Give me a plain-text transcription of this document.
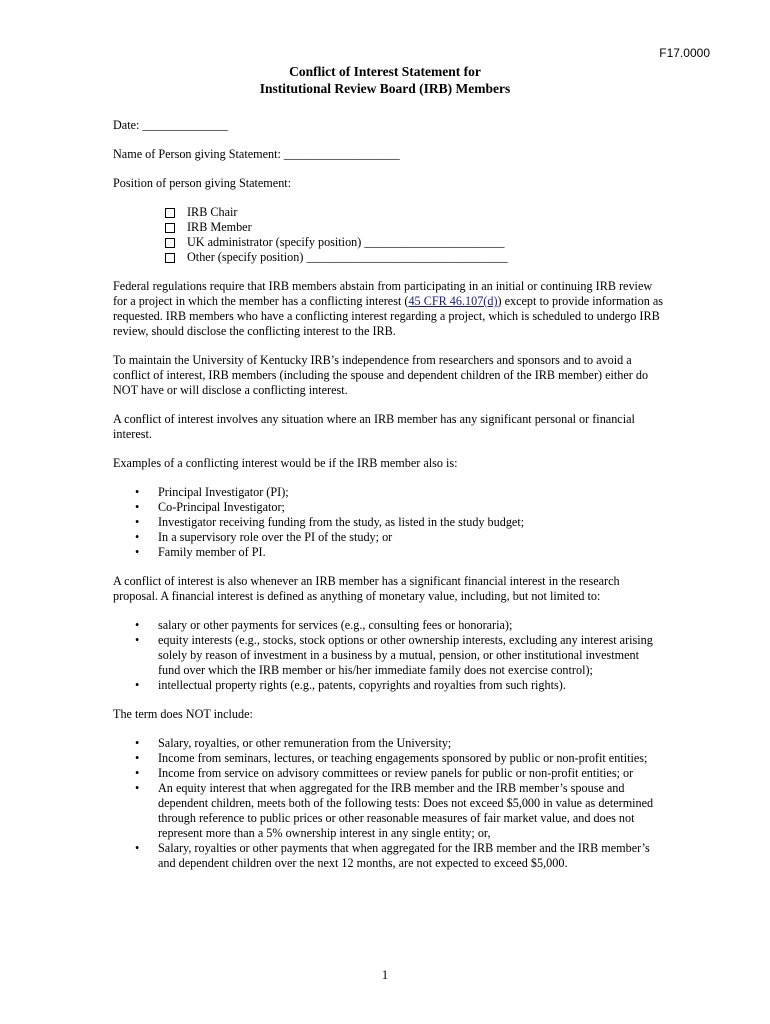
F17.0000
Conflict of Interest Statement for
Institutional Review Board (IRB) Members

Date: ______________

Name of Person giving Statement: ___________________

Position of person giving Statement:

IRB Chair
IRB Member
UK administrator (specify position) _______________________
Other (specify position) _________________________________

Federal regulations require that IRB members abstain from participating in an initial or continuing IRB review for a project in which the member has a conflicting interest (45 CFR 46.107(d)) except to provide information as requested. IRB members who have a conflicting interest regarding a project, which is scheduled to undergo IRB review, should disclose the conflicting interest to the IRB.

To maintain the University of Kentucky IRB’s independence from researchers and sponsors and to avoid a conflict of interest, IRB members (including the spouse and dependent children of the IRB member) either do NOT have or will disclose a conflicting interest.

A conflict of interest involves any situation where an IRB member has any significant personal or financial interest.

Examples of a conflicting interest would be if the IRB member also is:

• Principal Investigator (PI);
• Co-Principal Investigator;
• Investigator receiving funding from the study, as listed in the study budget;
• In a supervisory role over the PI of the study; or
• Family member of PI.

A conflict of interest is also whenever an IRB member has a significant financial interest in the research proposal. A financial interest is defined as anything of monetary value, including, but not limited to:

• salary or other payments for services (e.g., consulting fees or honoraria);
• equity interests (e.g., stocks, stock options or other ownership interests, excluding any interest arising solely by reason of investment in a business by a mutual, pension, or other institutional investment fund over which the IRB member or his/her immediate family does not exercise control);
• intellectual property rights (e.g., patents, copyrights and royalties from such rights).

The term does NOT include:

• Salary, royalties, or other remuneration from the University;
• Income from seminars, lectures, or teaching engagements sponsored by public or non-profit entities;
• Income from service on advisory committees or review panels for public or non-profit entities; or
• An equity interest that when aggregated for the IRB member and the IRB member’s spouse and dependent children, meets both of the following tests: Does not exceed $5,000 in value as determined through reference to public prices or other reasonable measures of fair market value, and does not represent more than a 5% ownership interest in any single entity; or,
• Salary, royalties or other payments that when aggregated for the IRB member and the IRB member’s and dependent children over the next 12 months, are not expected to exceed $5,000.
1
